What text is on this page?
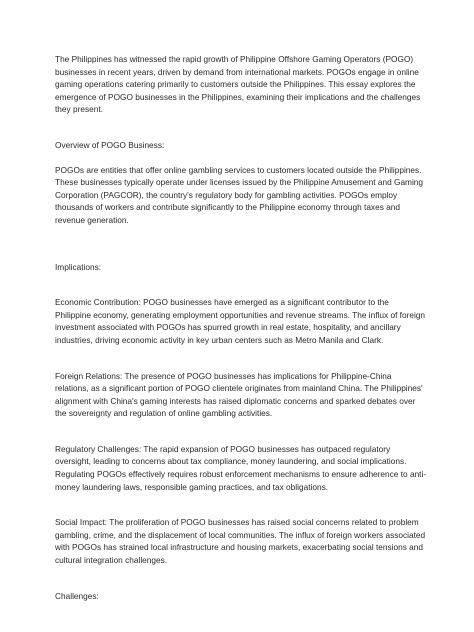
The Philippines has witnessed the rapid growth of Philippine Offshore Gaming Operators (POGO) businesses in recent years, driven by demand from international markets. POGOs engage in online gaming operations catering primarily to customers outside the Philippines. This essay explores the emergence of POGO businesses in the Philippines, examining their implications and the challenges they present.

Overview of POGO Business:

POGOs are entities that offer online gambling services to customers located outside the Philippines. These businesses typically operate under licenses issued by the Philippine Amusement and Gaming Corporation (PAGCOR), the country's regulatory body for gambling activities. POGOs employ thousands of workers and contribute significantly to the Philippine economy through taxes and revenue generation.

Implications:

Economic Contribution: POGO businesses have emerged as a significant contributor to the Philippine economy, generating employment opportunities and revenue streams. The influx of foreign investment associated with POGOs has spurred growth in real estate, hospitality, and ancillary industries, driving economic activity in key urban centers such as Metro Manila and Clark.

Foreign Relations: The presence of POGO businesses has implications for Philippine-China relations, as a significant portion of POGO clientele originates from mainland China. The Philippines' alignment with China's gaming interests has raised diplomatic concerns and sparked debates over the sovereignty and regulation of online gambling activities.

Regulatory Challenges: The rapid expansion of POGO businesses has outpaced regulatory oversight, leading to concerns about tax compliance, money laundering, and social implications. Regulating POGOs effectively requires robust enforcement mechanisms to ensure adherence to anti-money laundering laws, responsible gaming practices, and tax obligations.

Social Impact: The proliferation of POGO businesses has raised social concerns related to problem gambling, crime, and the displacement of local communities. The influx of foreign workers associated with POGOs has strained local infrastructure and housing markets, exacerbating social tensions and cultural integration challenges.

Challenges:
